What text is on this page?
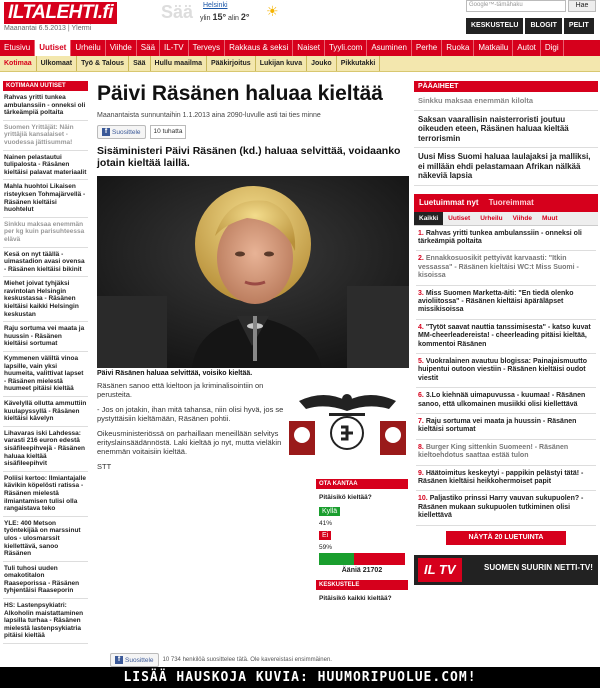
ILTALEHTI.fi
Maanantai 6.5.2013 | Ylermi
Sää Helsinki
ylin 15° alin 2° ☀	Google™-tämähaku	Hae
KESKUSTELU	BLOGIT	PELIT
Etusivu	Uutiset	Urheilu	Viihde	Sää	IL-TV	Terveys	Rakkaus & seksi	Naiset	Tyyli.com	Asuminen	Perhe	Ruoka	Matkailu	Autot	Digi
Kotimaa	Ulkomaat	Työ & Talous	Sää	Hullu maailma	Pääkirjoitus	Lukijan kuva	Jouko	Pikkutakki
KOTIMAAN UUTISET
Rahvas yritti tunkea ambulanssiin - onneksi oli tärkeämpiä poltaita
Suomen Yrittäjät: Näin yrittäjiä kansalaiset - vuodessa jättisumma!
Nainen pelastautui tulipalosta - Räsänen kieltäisi palavat materiaalit
Mahla huohtoi Likaisen risteyksen Tohmajärvellä - Räsänen kieltäisi huohtelut
Sinkku maksaa enemmän per kg kuin parisuhteessa elävä
Kesä on nyt täällä - uimastadion avasi ovensa - Räsänen kieltäisi bikinit
Miehet joivat tyhjäksi ravintolan Helsingin keskustassa - Räsänen kieltäisi kaikki Helsingin keskustan
Raju sortuma vei maata ja huussin - Räsänen kieltäisi sortumat
Kymmenen väliltä vinoa lapsille, vain yksi huumeita, valittivat lapset - Räsänen mielestä huumeet pitäisi kieltää
Kävelyllä ollutta ammuttiin kuulapyssyllä - Räsänen kieltäisi kävelyn
Lihavaras iski Lahdessa: varasti 216 euron edestä sisäfileepihvejä - Räsänen haluaa kieltää sisäfileepihvit
Poliisi kertoo: Ilmiantajalle kävikin köpelösti ratissa - Räsänen mielestä ilmiantamisen tulisi olla rangaistava teko
YLE: 400 Metson työntekijää on marssinut ulos - ulosmarssit kiellettävä, sanoo Räsänen
Tuli tuhosi uuden omakotitalon Raaseporissa - Räsänen tyhjentäisi Raaseporin
HS: Lastenpsykiatri: Alkoholin maistattaminen lapsilla turhaa - Räsänen mielestä lastenpsykiatria pitäisi kieltää
Päivi Räsänen haluaa kieltää
Maanantaista sunnuntaihin 1.1.2013 aina 2090-luvulle asti tai ties minne
f Suosittele	10 tuhatta
Sisäministeri Päivi Räsänen (kd.) haluaa selvittää, voidaanko jotain kieltää laillä.
Päivi Räsänen haluaa selvittää, voisiko kieltää.

Räsänen sanoo että kieltoon ja kriminalisointiin on perusteita.

- Jos on jotakin, ihan mitä tahansa, niin olisi hyvä, jos se pystyttäisiin kieltämään, Räsänen pohtii.

Oikeusministeriössä on parhaillaan meneillään selvitys erityslainsäädännöstä. Laki kieltää jo nyt, mutta vieläkin enemmän voitaisiin kieltää.

STT

OTA KANTAA
Pitäisikö kieltää?
Kyllä
41%
Ei
59%
Ääniä 21702
KESKUSTELE
Pitäisikö kaikki kieltää?
f Suosittele 10 734 henkilöä suosittelee tätä. Ole kavereistasi ensimmäinen.
PÄÄAIHEET
Sinkku maksaa enemmän kilolta
Saksan vaarallisin naisterroristi joutuu oikeuden eteen, Räsänen haluaa kieltää terrorismin
Uusi Miss Suomi haluaa laulajaksi ja malliksi, ei millään ehdi pelastamaan Afrikan nälkää näkeviä lapsia
Luetuimmat nyt	Tuoreimmat
Kaikki	Uutiset	Urheilu	Viihde	Muut
1. Rahvas yritti tunkea ambulanssiin - onneksi oli tärkeämpiä poltaita
2. Ennakkosuosikit pettyivät karvaasti: "Itkin vessassa" - Räsänen kieltäisi WC:t Miss Suomi -kisoissa
3. Miss Suomen Marketta-äiti: "En tiedä olenko avioliitossa" - Räsänen kieltäisi äpäräläpset missikisoissa
4. "Tytöt saavat nauttia tanssimisesta" - katso kuvat MM-cheerleadereista! - cheerleading pitäisi kieltää, kommentoi Räsänen
5. Vuokralainen avautuu blogissa: Painajaismuutto huipentui outoon viestiin - Räsänen kieltäisi oudot viestit
6. 3.Lo kiehnää uimapuvussa - kuumaa! - Räsänen sanoo, että ulkomainen musiikki olisi kiellettävä
7. Raju sortuma vei maata ja huussin - Räsänen kieltäisi sortumat
8. Burger King sittenkin Suomeen! - Räsänen kieltoehdotus saattaa estää tulon
9. Häätoimitus keskeytyi - pappikin pelästyi tätä! - Räsänen kieltäisi heikkohermoiset papit
10. Paljastiko prinssi Harry vauvan sukupuolen? - Räsänen mukaan sukupuolen tutkiminen olisi kiellettävä
NÄYTÄ 20 LUETUINTA
IL TV	SUOMEN SUURIN NETTI-TV!
LISÄÄ HAUSKOJA KUVIA: HUUMORIPUOLUE.COM!
